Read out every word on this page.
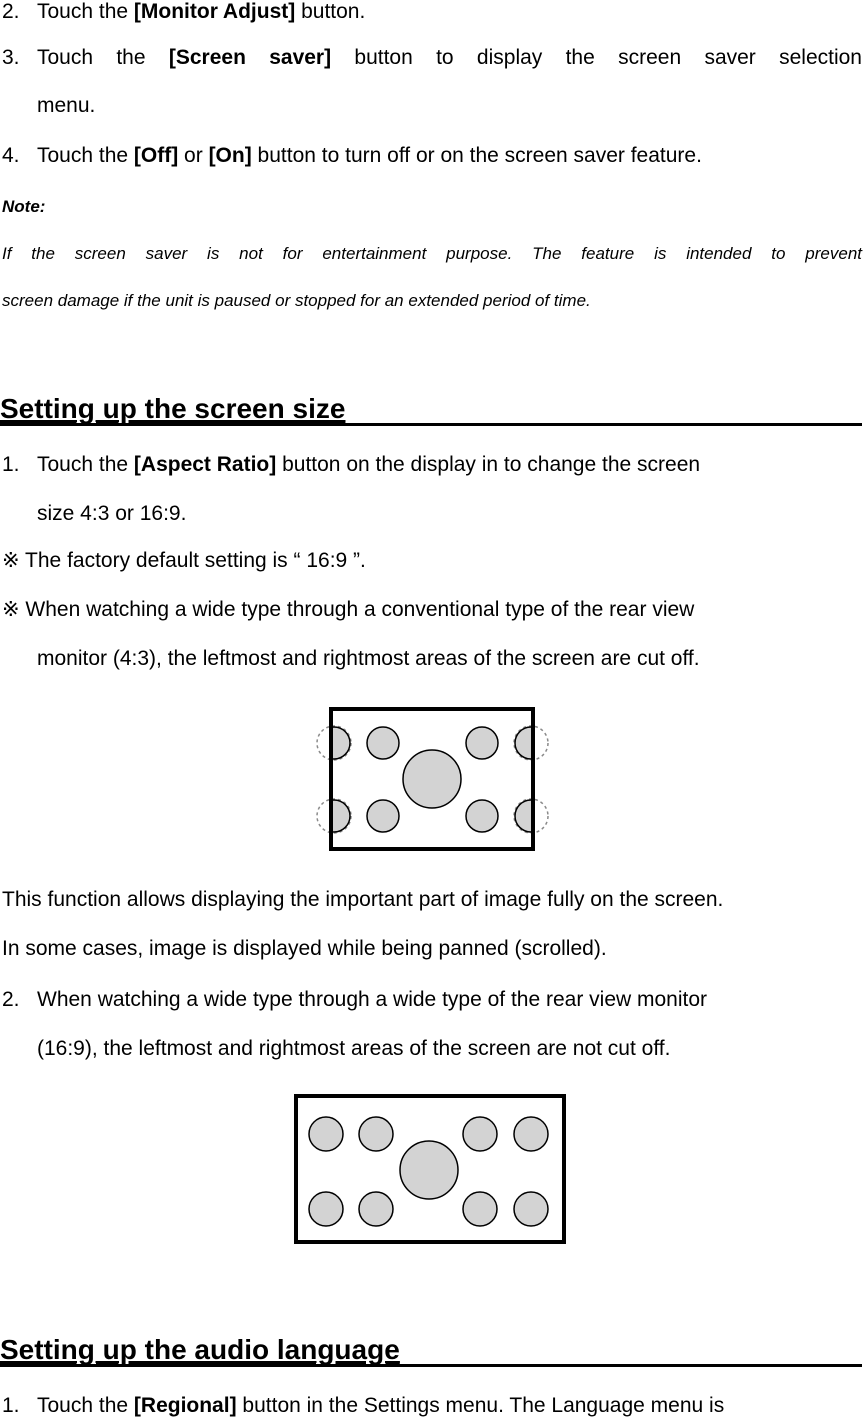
2. Touch the [Monitor Adjust] button.
3. Touch the [Screen saver] button to display the screen saver selection
menu.
4. Touch the [Off] or [On] button to turn off or on the screen saver feature.
Note:
If the screen saver is not for entertainment purpose. The feature is intended to prevent
screen damage if the unit is paused or stopped for an extended period of time.
Setting up the screen size
1. Touch the [Aspect Ratio] button on the display in to change the screen
size 4:3 or 16:9.
※ The factory default setting is “ 16:9 ”.
※ When watching a wide type through a conventional type of the rear view
monitor (4:3), the leftmost and rightmost areas of the screen are cut off.
This function allows displaying the important part of image fully on the screen.
In some cases, image is displayed while being panned (scrolled).
2. When watching a wide type through a wide type of the rear view monitor
(16:9), the leftmost and rightmost areas of the screen are not cut off.
Setting up the audio language
1. Touch the [Regional] button in the Settings menu. The Language menu is
